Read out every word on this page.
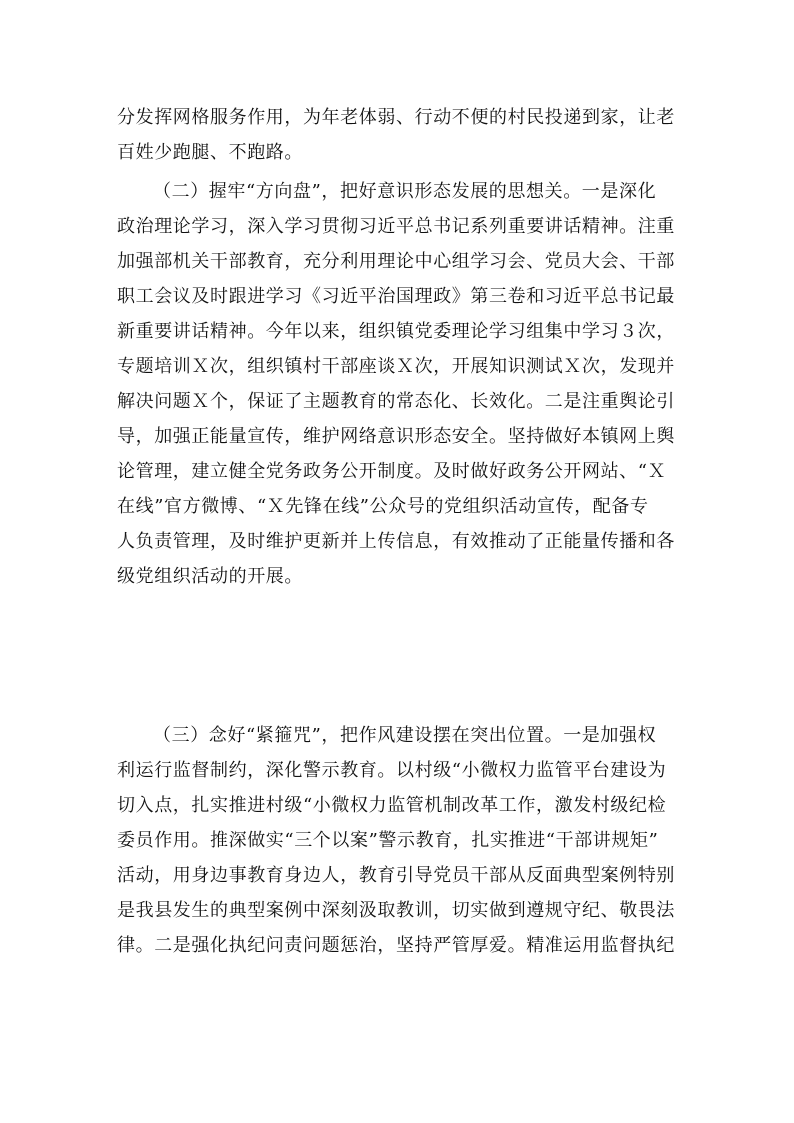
分发挥网格服务作用，为年老体弱、行动不便的村民投递到家，让老
百姓少跑腿、不跑路。
（二）握牢“方向盘”，把好意识形态发展的思想关。一是深化
政治理论学习，深入学习贯彻习近平总书记系列重要讲话精神。注重
加强部机关干部教育，充分利用理论中心组学习会、党员大会、干部
职工会议及时跟进学习《习近平治国理政》第三卷和习近平总书记最
新重要讲话精神。今年以来，组织镇党委理论学习组集中学习３次，
专题培训Ｘ次，组织镇村干部座谈Ｘ次，开展知识测试Ｘ次，发现并
解决问题Ｘ个，保证了主题教育的常态化、长效化。二是注重舆论引
导，加强正能量宣传，维护网络意识形态安全。坚持做好本镇网上舆
论管理，建立健全党务政务公开制度。及时做好政务公开网站、“Ｘ
在线”官方微博、“Ｘ先锋在线”公众号的党组织活动宣传，配备专
人负责管理，及时维护更新并上传信息，有效推动了正能量传播和各
级党组织活动的开展。
（三）念好“紧箍咒”，把作风建设摆在突出位置。一是加强权
利运行监督制约，深化警示教育。以村级“小微权力监管平台建设为
切入点，扎实推进村级“小微权力监管机制改革工作，激发村级纪检
委员作用。推深做实“三个以案”警示教育，扎实推进“干部讲规矩”
活动，用身边事教育身边人，教育引导党员干部从反面典型案例特别
是我县发生的典型案例中深刻汲取教训，切实做到遵规守纪、敬畏法
律。二是强化执纪问责问题惩治，坚持严管厚爱。精准运用监督执纪
